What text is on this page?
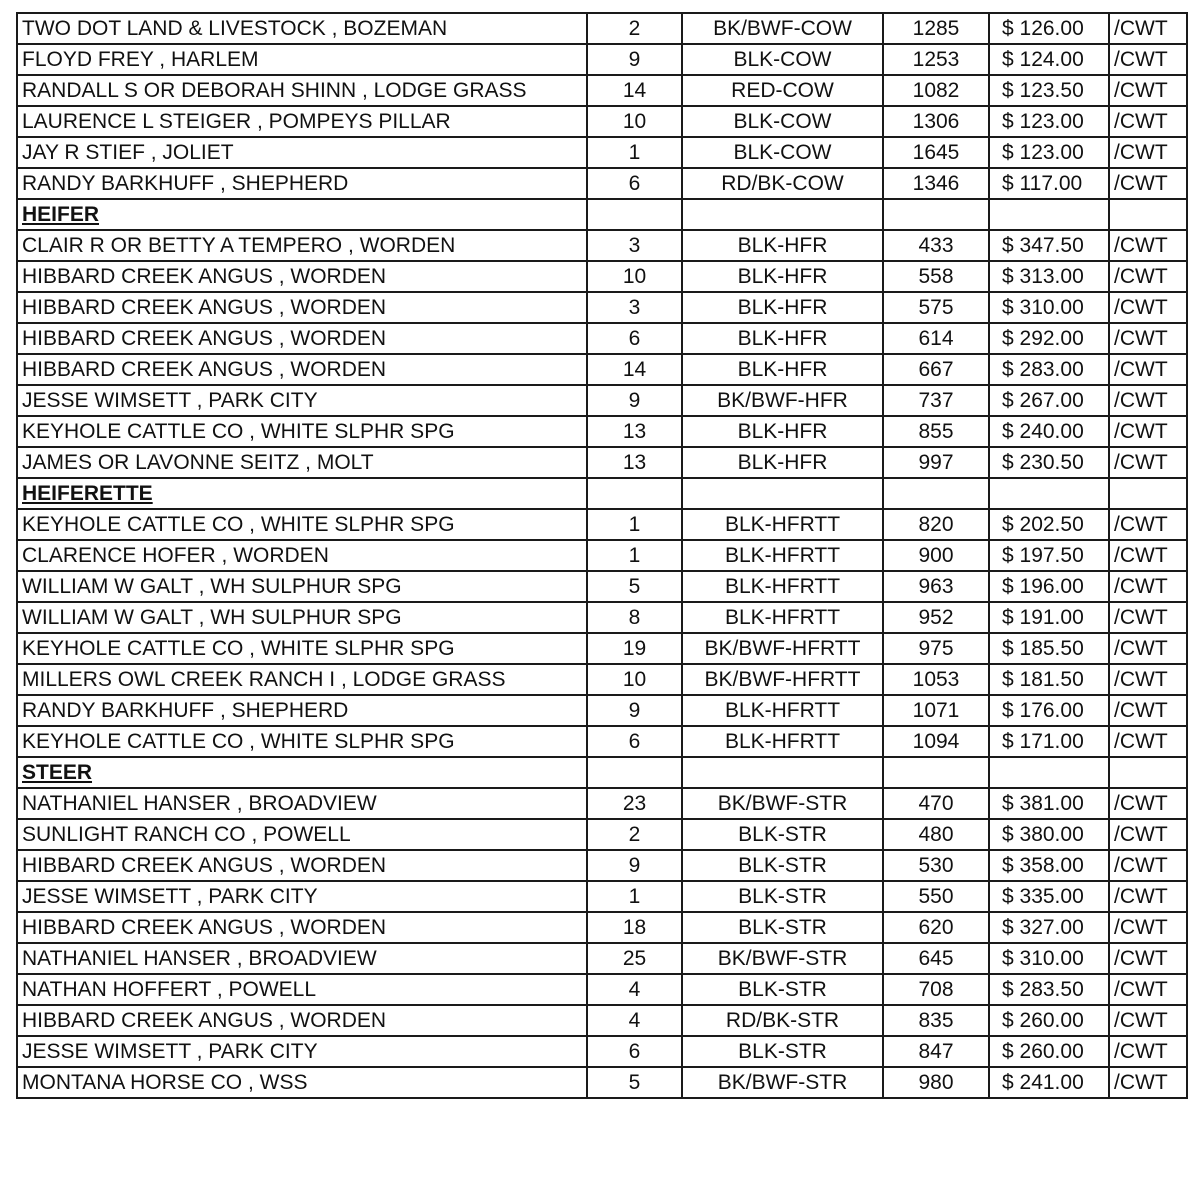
TWO DOT LAND & LIVESTOCK , BOZEMAN	2	BK/BWF-COW	1285	$ 126.00	/CWT
FLOYD FREY , HARLEM	9	BLK-COW	1253	$ 124.00	/CWT
RANDALL S OR DEBORAH SHINN , LODGE GRASS	14	RED-COW	1082	$ 123.50	/CWT
LAURENCE L STEIGER , POMPEYS PILLAR	10	BLK-COW	1306	$ 123.00	/CWT
JAY R STIEF , JOLIET	1	BLK-COW	1645	$ 123.00	/CWT
RANDY BARKHUFF , SHEPHERD	6	RD/BK-COW	1346	$ 117.00	/CWT
HEIFER					
CLAIR R OR BETTY A TEMPERO , WORDEN	3	BLK-HFR	433	$ 347.50	/CWT
HIBBARD CREEK ANGUS , WORDEN	10	BLK-HFR	558	$ 313.00	/CWT
HIBBARD CREEK ANGUS , WORDEN	3	BLK-HFR	575	$ 310.00	/CWT
HIBBARD CREEK ANGUS , WORDEN	6	BLK-HFR	614	$ 292.00	/CWT
HIBBARD CREEK ANGUS , WORDEN	14	BLK-HFR	667	$ 283.00	/CWT
JESSE WIMSETT , PARK CITY	9	BK/BWF-HFR	737	$ 267.00	/CWT
KEYHOLE CATTLE CO , WHITE SLPHR SPG	13	BLK-HFR	855	$ 240.00	/CWT
JAMES OR LAVONNE SEITZ , MOLT	13	BLK-HFR	997	$ 230.50	/CWT
HEIFERETTE					
KEYHOLE CATTLE CO , WHITE SLPHR SPG	1	BLK-HFRTT	820	$ 202.50	/CWT
CLARENCE HOFER , WORDEN	1	BLK-HFRTT	900	$ 197.50	/CWT
WILLIAM W GALT , WH SULPHUR SPG	5	BLK-HFRTT	963	$ 196.00	/CWT
WILLIAM W GALT , WH SULPHUR SPG	8	BLK-HFRTT	952	$ 191.00	/CWT
KEYHOLE CATTLE CO , WHITE SLPHR SPG	19	BK/BWF-HFRTT	975	$ 185.50	/CWT
MILLERS OWL CREEK RANCH I , LODGE GRASS	10	BK/BWF-HFRTT	1053	$ 181.50	/CWT
RANDY BARKHUFF , SHEPHERD	9	BLK-HFRTT	1071	$ 176.00	/CWT
KEYHOLE CATTLE CO , WHITE SLPHR SPG	6	BLK-HFRTT	1094	$ 171.00	/CWT
STEER					
NATHANIEL HANSER , BROADVIEW	23	BK/BWF-STR	470	$ 381.00	/CWT
SUNLIGHT RANCH CO , POWELL	2	BLK-STR	480	$ 380.00	/CWT
HIBBARD CREEK ANGUS , WORDEN	9	BLK-STR	530	$ 358.00	/CWT
JESSE WIMSETT , PARK CITY	1	BLK-STR	550	$ 335.00	/CWT
HIBBARD CREEK ANGUS , WORDEN	18	BLK-STR	620	$ 327.00	/CWT
NATHANIEL HANSER , BROADVIEW	25	BK/BWF-STR	645	$ 310.00	/CWT
NATHAN HOFFERT , POWELL	4	BLK-STR	708	$ 283.50	/CWT
HIBBARD CREEK ANGUS , WORDEN	4	RD/BK-STR	835	$ 260.00	/CWT
JESSE WIMSETT , PARK CITY	6	BLK-STR	847	$ 260.00	/CWT
MONTANA HORSE CO , WSS	5	BK/BWF-STR	980	$ 241.00	/CWT
